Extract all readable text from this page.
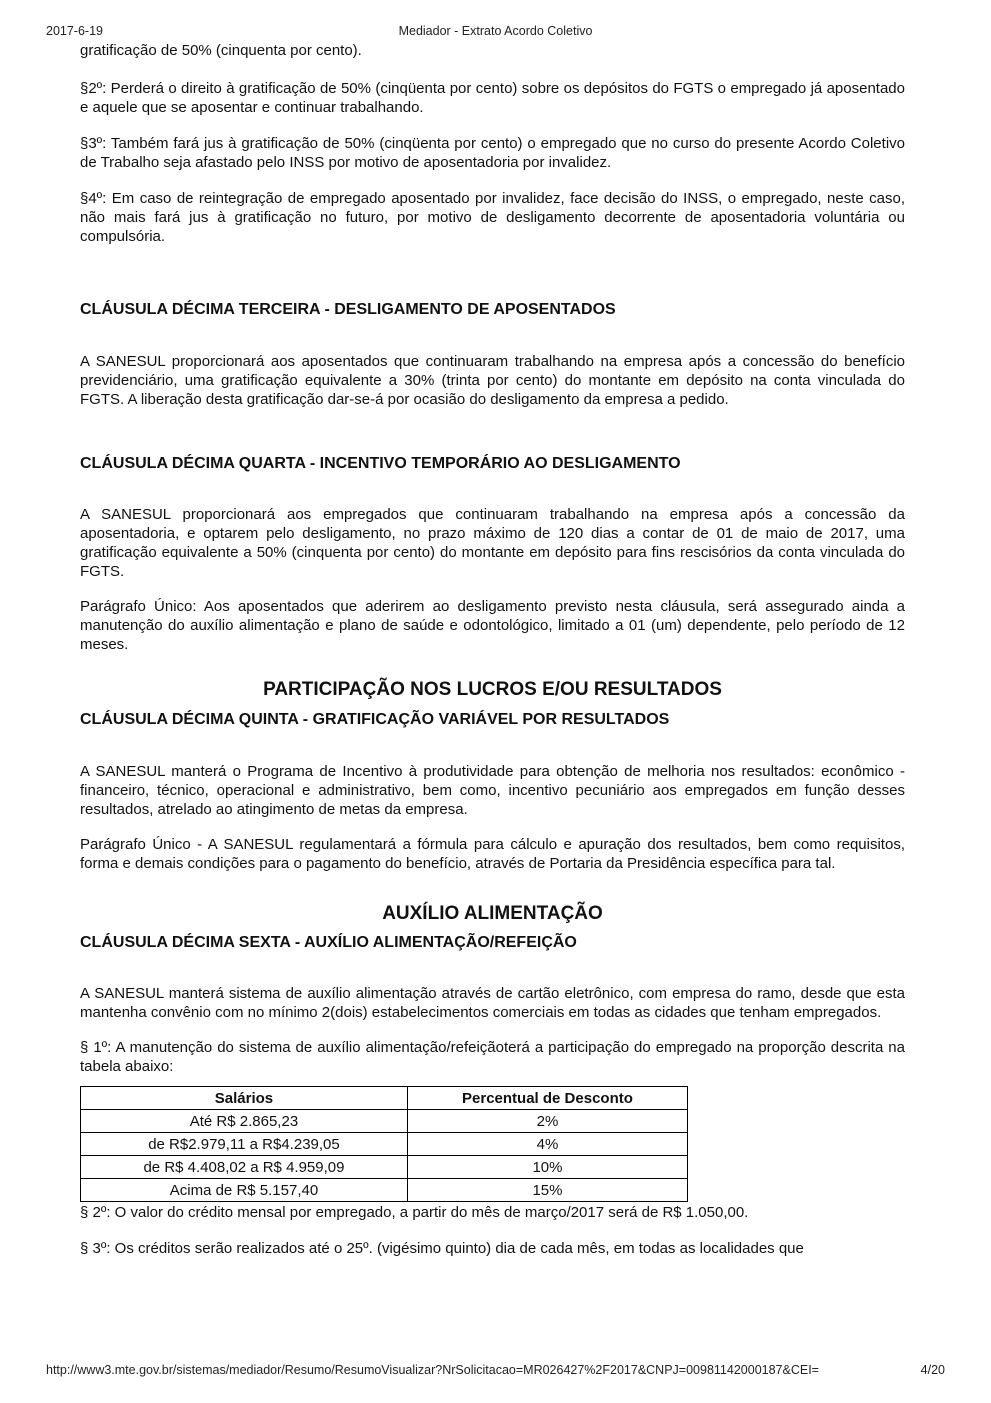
2017-6-19	Mediador - Extrato Acordo Coletivo
gratificação de 50% (cinquenta por cento).

§2º: Perderá o direito à gratificação de 50% (cinqüenta por cento) sobre os depósitos do FGTS o empregado já aposentado e aquele que se aposentar e continuar trabalhando.

§3º: Também fará jus à gratificação de 50% (cinqüenta por cento) o empregado que no curso do presente Acordo Coletivo de Trabalho seja afastado pelo INSS por motivo de aposentadoria por invalidez.

§4º: Em caso de reintegração de empregado aposentado por invalidez, face decisão do INSS, o empregado, neste caso, não mais fará jus à gratificação no futuro, por motivo de desligamento decorrente de aposentadoria voluntária ou compulsória.

CLÁUSULA DÉCIMA TERCEIRA - DESLIGAMENTO DE APOSENTADOS

A SANESUL proporcionará aos aposentados que continuaram trabalhando na empresa após a concessão do benefício previdenciário, uma gratificação equivalente a 30% (trinta por cento) do montante em depósito na conta vinculada do FGTS. A liberação desta gratificação dar-se-á por ocasião do desligamento da empresa a pedido.

CLÁUSULA DÉCIMA QUARTA - INCENTIVO TEMPORÁRIO AO DESLIGAMENTO

A SANESUL proporcionará aos empregados que continuaram trabalhando na empresa após a concessão da aposentadoria, e optarem pelo desligamento, no prazo máximo de 120 dias a contar de 01 de maio de 2017, uma gratificação equivalente a 50% (cinquenta por cento) do montante em depósito para fins rescisórios da conta vinculada do FGTS.

Parágrafo Único: Aos aposentados que aderirem ao desligamento previsto nesta cláusula, será assegurado ainda a manutenção do auxílio alimentação e plano de saúde e odontológico, limitado a 01 (um) dependente, pelo período de 12 meses.

PARTICIPAÇÃO NOS LUCROS E/OU RESULTADOS
CLÁUSULA DÉCIMA QUINTA - GRATIFICAÇÃO VARIÁVEL POR RESULTADOS

A SANESUL manterá o Programa de Incentivo à produtividade para obtenção de melhoria nos resultados: econômico - financeiro, técnico, operacional e administrativo, bem como, incentivo pecuniário aos empregados em função desses resultados, atrelado ao atingimento de metas da empresa.

Parágrafo Único - A SANESUL regulamentará a fórmula para cálculo e apuração dos resultados, bem como requisitos, forma e demais condições para o pagamento do benefício, através de Portaria da Presidência específica para tal.

AUXÍLIO ALIMENTAÇÃO
CLÁUSULA DÉCIMA SEXTA - AUXÍLIO ALIMENTAÇÃO/REFEIÇÃO

A SANESUL manterá sistema de auxílio alimentação através de cartão eletrônico, com empresa do ramo, desde que esta mantenha convênio com no mínimo 2(dois) estabelecimentos comerciais em todas as cidades que tenham empregados.

§ 1º: A manutenção do sistema de auxílio alimentação/refeiçãoterá a participação do empregado na proporção descrita na tabela abaixo:

Salários	Percentual de Desconto
Até R$ 2.865,23	2%
de R$2.979,11 a R$4.239,05	4%
de R$ 4.408,02 a R$ 4.959,09	10%
Acima de R$ 5.157,40	15%

§ 2º: O valor do crédito mensal por empregado, a partir do mês de março/2017 será de R$ 1.050,00.

§ 3º: Os créditos serão realizados até o 25º. (vigésimo quinto) dia de cada mês, em todas as localidades que

http://www3.mte.gov.br/sistemas/mediador/Resumo/ResumoVisualizar?NrSolicitacao=MR026427%2F2017&CNPJ=00981142000187&CEI=	4/20
